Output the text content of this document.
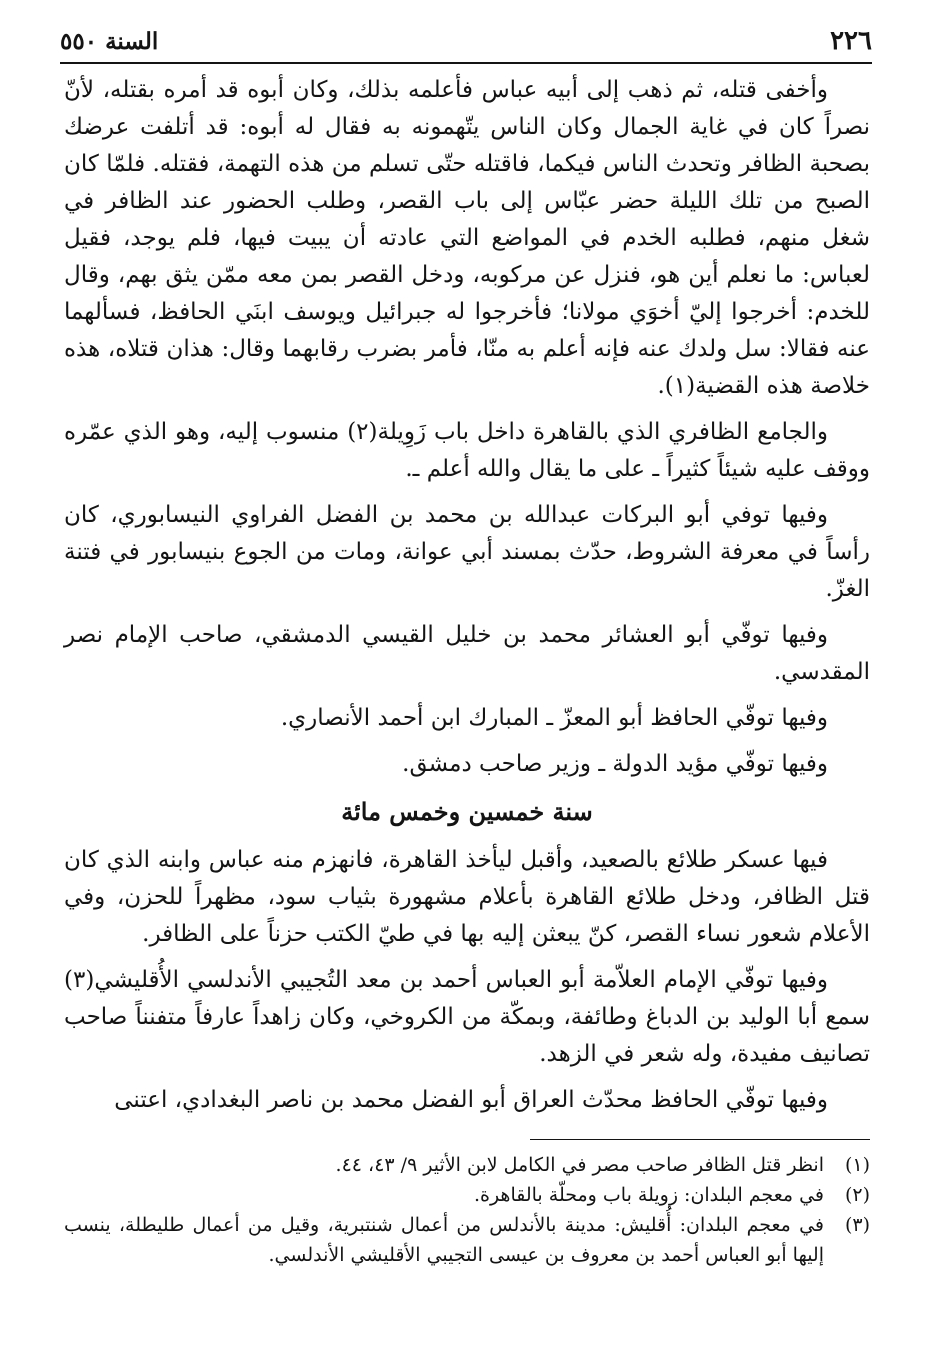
٢٢٦
السنة ٥٥٠

وأخفى قتله، ثم ذهب إلى أبيه عباس فأعلمه بذلك، وكان أبوه قد أمره بقتله، لأنّ نصراً كان في غاية الجمال وكان الناس يتّهمونه به فقال له أبوه: قد أتلفت عرضك بصحبة الظافر وتحدث الناس فيكما، فاقتله حتّى تسلم من هذه التهمة، فقتله. فلمّا كان الصبح من تلك الليلة حضر عبّاس إلى باب القصر، وطلب الحضور عند الظافر في شغل منهم، فطلبه الخدم في المواضع التي عادته أن يبيت فيها، فلم يوجد، فقيل لعباس: ما نعلم أين هو، فنزل عن مركوبه، ودخل القصر بمن معه ممّن يثق بهم، وقال للخدم: أخرجوا إليّ أخوَي مولانا؛ فأخرجوا له جبرائيل ويوسف ابنَي الحافظ، فسألهما عنه فقالا: سل ولدك عنه فإنه أعلم به منّا، فأمر بضرب رقابهما وقال: هذان قتلاه، هذه خلاصة هذه القضية(١).

والجامع الظافري الذي بالقاهرة داخل باب زَوِيلة(٢) منسوب إليه، وهو الذي عمّره ووقف عليه شيئاً كثيراً ـ على ما يقال والله أعلم ـ.

وفيها توفي أبو البركات عبدالله بن محمد بن الفضل الفراوي النيسابوري، كان رأساً في معرفة الشروط، حدّث بمسند أبي عوانة، ومات من الجوع بنيسابور في فتنة الغزّ.

وفيها توفّي أبو العشائر محمد بن خليل القيسي الدمشقي، صاحب الإمام نصر المقدسي.

وفيها توفّي الحافظ أبو المعزّ ـ المبارك ابن أحمد الأنصاري.

وفيها توفّي مؤيد الدولة ـ وزير صاحب دمشق.

سنة خمسين وخمس مائة

فيها عسكر طلائع بالصعيد، وأقبل ليأخذ القاهرة، فانهزم منه عباس وابنه الذي كان قتل الظافر، ودخل طلائع القاهرة بأعلام مشهورة بثياب سود، مظهراً للحزن، وفي الأعلام شعور نساء القصر، كنّ يبعثن إليه بها في طيّ الكتب حزناً على الظافر.

وفيها توفّي الإمام العلاّمة أبو العباس أحمد بن معد التُجيبي الأندلسي الأُقليشي(٣) سمع أبا الوليد بن الدباغ وطائفة، وبمكّة من الكروخي، وكان زاهداً عارفاً متفنناً صاحب تصانيف مفيدة، وله شعر في الزهد.

وفيها توفّي الحافظ محدّث العراق أبو الفضل محمد بن ناصر البغدادي، اعتنى

(١)
انظر قتل الظافر صاحب مصر في الكامل لابن الأثير ٩/ ٤٣، ٤٤.
(٢)
في معجم البلدان: زويلة باب ومحلّة بالقاهرة.
(٣)
في معجم البلدان: أُقليش: مدينة بالأندلس من أعمال شنتبرية، وقيل من أعمال طليطلة، ينسب إليها أبو العباس أحمد بن معروف بن عيسى التجيبي الأقليشي الأندلسي.
